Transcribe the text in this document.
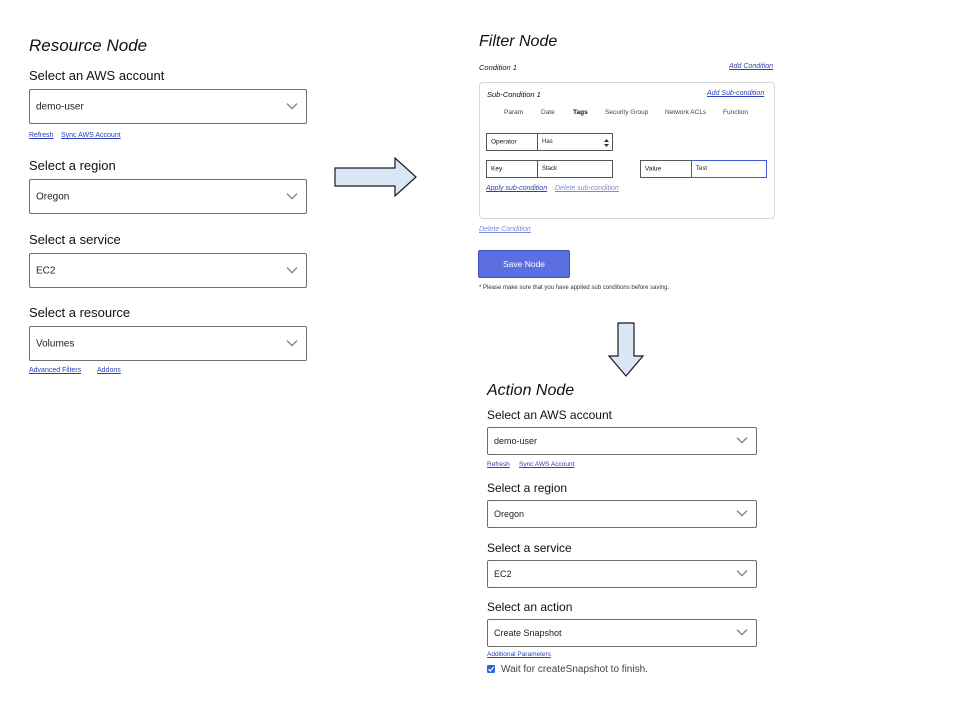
Resource Node
Select an AWS account
demo-user
Refresh Sync AWS Account
Select a region
Oregon
Select a service
EC2
Select a resource
Volumes
Advanced Filters Addons
Filter Node
Condition 1	Add Condition
Sub-Condition 1	Add Sub-condition
Param	Date	Tags	Security Group	Network ACLs	Function
Operator	Has
Key	Stack	Value	Test
Apply sub-condition Delete sub-condition
Delete Condition
Save Node
* Please make sure that you have applied sub conditions before saving.
Action Node
Select an AWS account
demo-user
Refresh Sync AWS Account
Select a region
Oregon
Select a service
EC2
Select an action
Create Snapshot
Additional Parameters
Wait for createSnapshot to finish.
